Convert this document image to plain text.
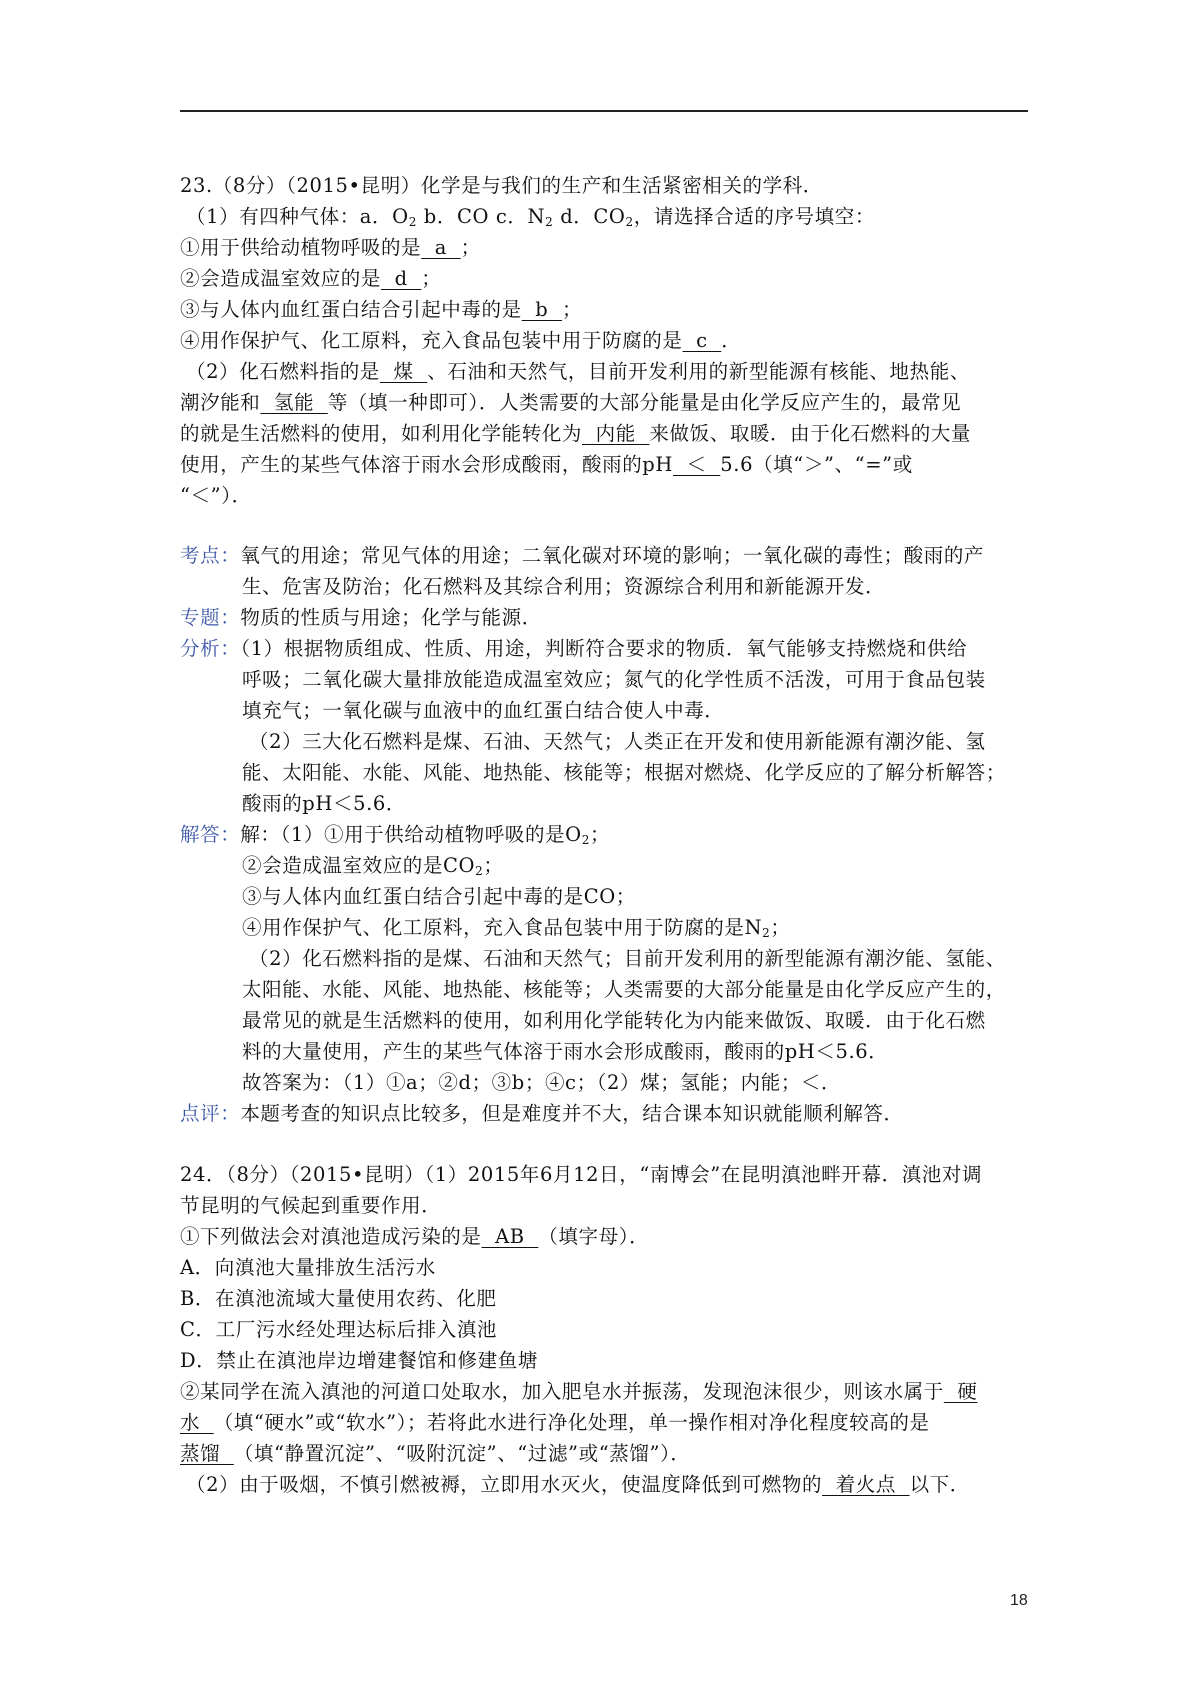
23.（8分）（2015•昆明）化学是与我们的生产和生活紧密相关的学科．
（1）有四种气体：a．$O_2$ b．CO c．$N_2$ d．$CO_2$，请选择合适的序号填空：
①用于供给动植物呼吸的是  a  ；
②会造成温室效应的是  d  ；
③与人体内血红蛋白结合引起中毒的是  b  ；
④用作保护气、化工原料，充入食品包装中用于防腐的是  c  ．
（2）化石燃料指的是  煤  、石油和天然气，目前开发利用的新型能源有核能、地热能、
潮汐能和  氢能  等（填一种即可）．人类需要的大部分能量是由化学反应产生的，最常见
的就是生活燃料的使用，如利用化学能转化为  内能  来做饭、取暖．由于化石燃料的大量
使用，产生的某些气体溶于雨水会形成酸雨，酸雨的pH  ＜  5.6（填“＞”、“=”或
“＜”）．
考点：氧气的用途；常见气体的用途；二氧化碳对环境的影响；一氧化碳的毒性；酸雨的产
生、危害及防治；化石燃料及其综合利用；资源综合利用和新能源开发．
专题：物质的性质与用途；化学与能源．
分析：（1）根据物质组成、性质、用途，判断符合要求的物质．氧气能够支持燃烧和供给
呼吸；二氧化碳大量排放能造成温室效应；氮气的化学性质不活泼，可用于食品包装
填充气；一氧化碳与血液中的血红蛋白结合使人中毒．
（2）三大化石燃料是煤、石油、天然气；人类正在开发和使用新能源有潮汐能、氢
能、太阳能、水能、风能、地热能、核能等；根据对燃烧、化学反应的了解分析解答；
酸雨的pH＜5.6．
解答：解：（1）①用于供给动植物呼吸的是$O_2$；
②会造成温室效应的是$CO_2$；
③与人体内血红蛋白结合引起中毒的是CO；
④用作保护气、化工原料，充入食品包装中用于防腐的是$N_2$；
（2）化石燃料指的是煤、石油和天然气；目前开发利用的新型能源有潮汐能、氢能、
太阳能、水能、风能、地热能、核能等；人类需要的大部分能量是由化学反应产生的，
最常见的就是生活燃料的使用，如利用化学能转化为内能来做饭、取暖．由于化石燃
料的大量使用，产生的某些气体溶于雨水会形成酸雨，酸雨的pH＜5.6．
故答案为：（1）①a；②d；③b；④c；（2）煤；氢能；内能；＜．
点评：本题考查的知识点比较多，但是难度并不大，结合课本知识就能顺利解答．
24．（8分）（2015•昆明）（1）2015年6月12日，“南博会”在昆明滇池畔开幕．滇池对调
节昆明的气候起到重要作用．
①下列做法会对滇池造成污染的是  AB  （填字母）．
A．向滇池大量排放生活污水
B．在滇池流域大量使用农药、化肥
C．工厂污水经处理达标后排入滇池
D．禁止在滇池岸边增建餐馆和修建鱼塘
②某同学在流入滇池的河道口处取水，加入肥皂水并振荡，发现泡沫很少，则该水属于  硬
水  （填“硬水”或“软水”）；若将此水进行净化处理，单一操作相对净化程度较高的是
蒸馏  （填“静置沉淀”、“吸附沉淀”、“过滤”或“蒸馏”）．
（2）由于吸烟，不慎引燃被褥，立即用水灭火，使温度降低到可燃物的  着火点  以下．
18
